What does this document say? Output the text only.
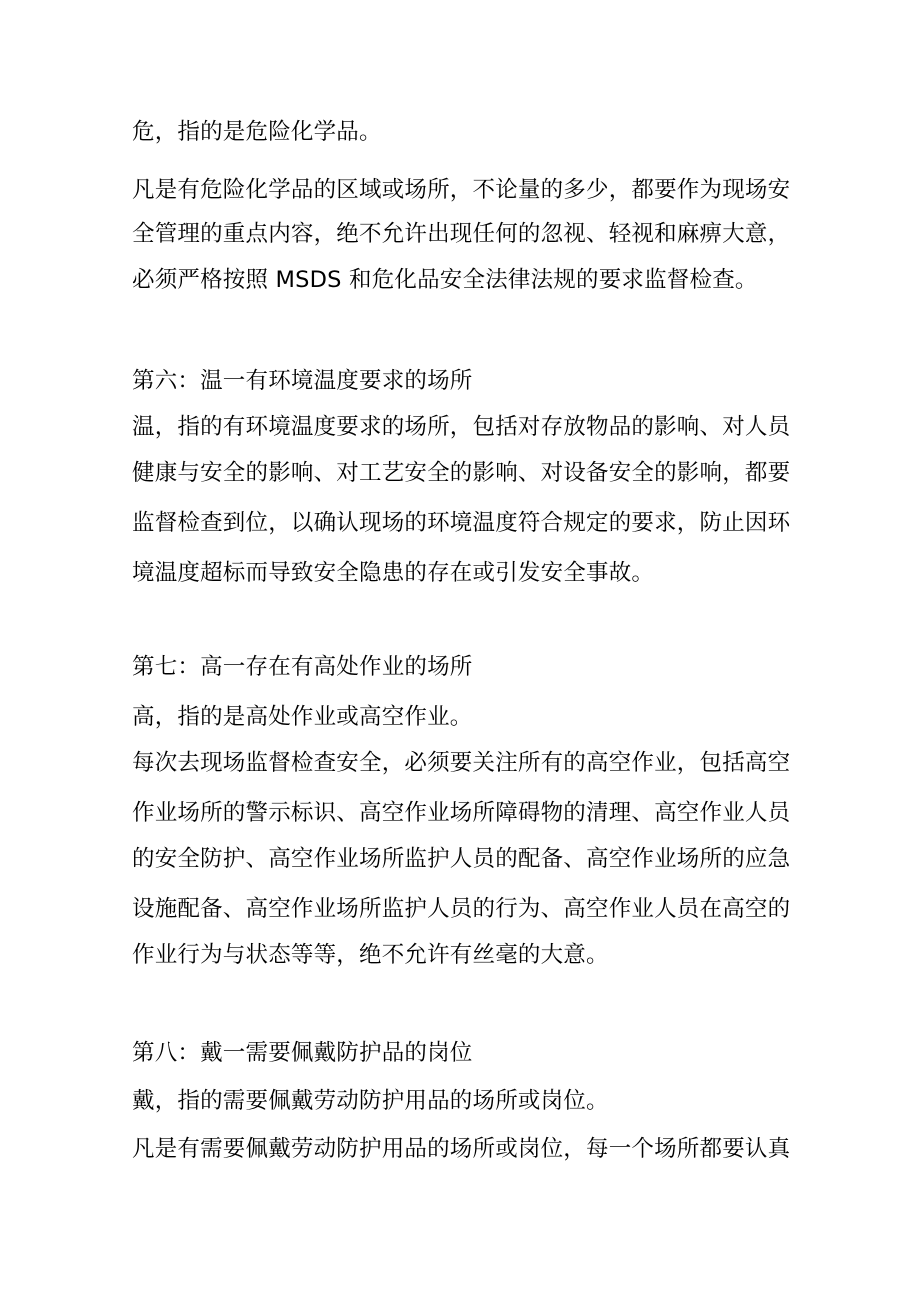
危，指的是危险化学品。
凡是有危险化学品的区域或场所，不论量的多少，都要作为现场安
全管理的重点内容，绝不允许出现任何的忽视、轻视和麻痹大意，
必须严格按照 MSDS 和危化品安全法律法规的要求监督检查。
第六：温一有环境温度要求的场所
温，指的有环境温度要求的场所，包括对存放物品的影响、对人员
健康与安全的影响、对工艺安全的影响、对设备安全的影响，都要
监督检查到位，以确认现场的环境温度符合规定的要求，防止因环
境温度超标而导致安全隐患的存在或引发安全事故。
第七：高一存在有高处作业的场所
高，指的是高处作业或高空作业。
每次去现场监督检查安全，必须要关注所有的高空作业，包括高空
作业场所的警示标识、高空作业场所障碍物的清理、高空作业人员
的安全防护、高空作业场所监护人员的配备、高空作业场所的应急
设施配备、高空作业场所监护人员的行为、高空作业人员在高空的
作业行为与状态等等，绝不允许有丝毫的大意。
第八：戴一需要佩戴防护品的岗位
戴，指的需要佩戴劳动防护用品的场所或岗位。
凡是有需要佩戴劳动防护用品的场所或岗位，每一个场所都要认真
